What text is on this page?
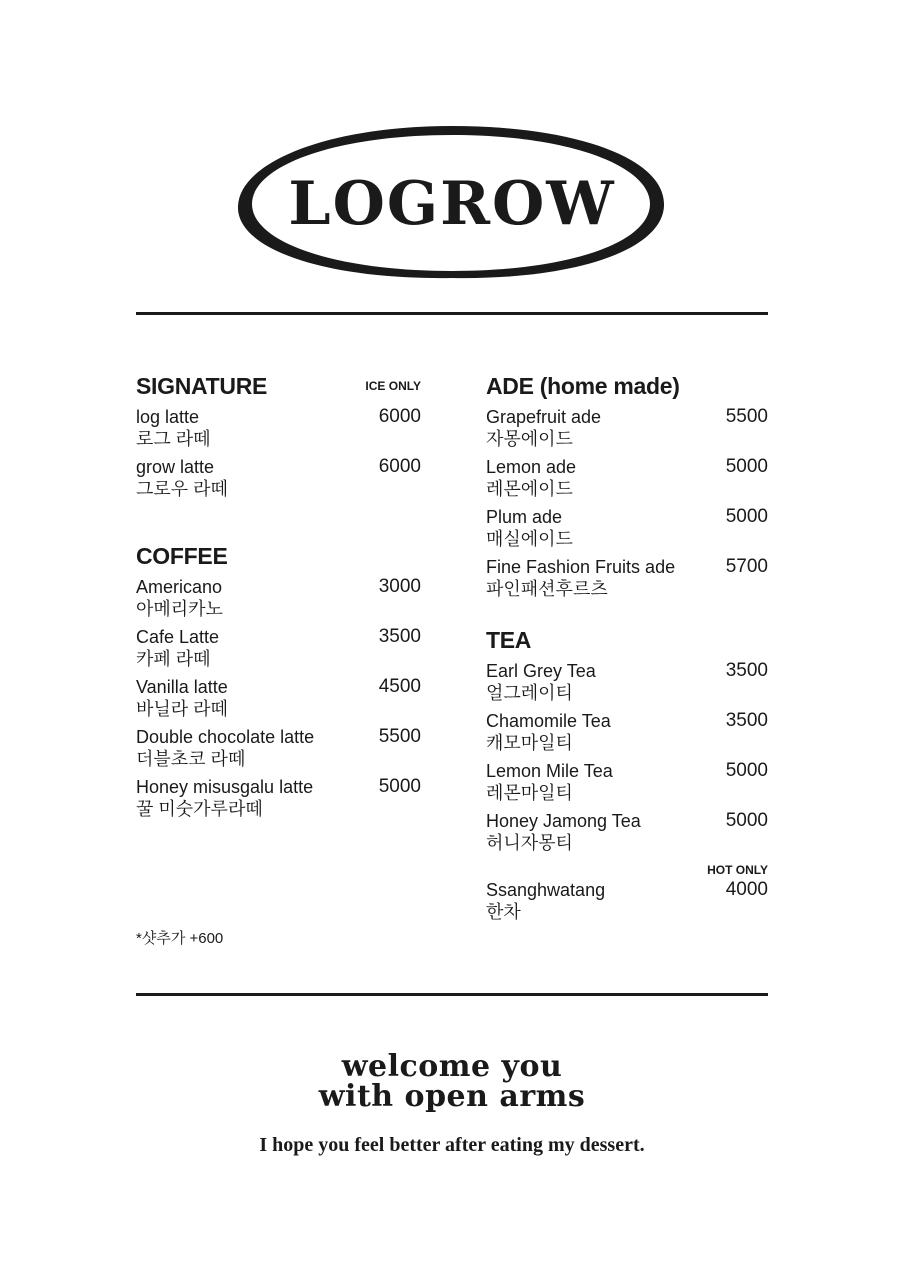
LOGROW
SIGNATURE	ICE ONLY
log latte
로그 라떼
6000
grow latte
그로우 라떼
6000
COFFEE
Americano
아메리카노
3000
Cafe Latte
카페 라떼
3500
Vanilla latte
바닐라 라떼
4500
Double chocolate latte
더블초코 라떼
5500
Honey misusgalu latte
꿀 미숫가루라떼
5000
*샷추가 +600
ADE (home made)
Grapefruit ade
자몽에이드
5500
Lemon ade
레몬에이드
5000
Plum ade
매실에이드
5000
Fine Fashion Fruits ade
파인패션후르츠
5700
TEA
Earl Grey Tea
얼그레이티
3500
Chamomile Tea
캐모마일티
3500
Lemon Mile Tea
레몬마일티
5000
Honey Jamong Tea
허니자몽티
5000
HOT ONLY
Ssanghwatang
한차
4000
welcome you
with open arms
I hope you feel better after eating my dessert.
